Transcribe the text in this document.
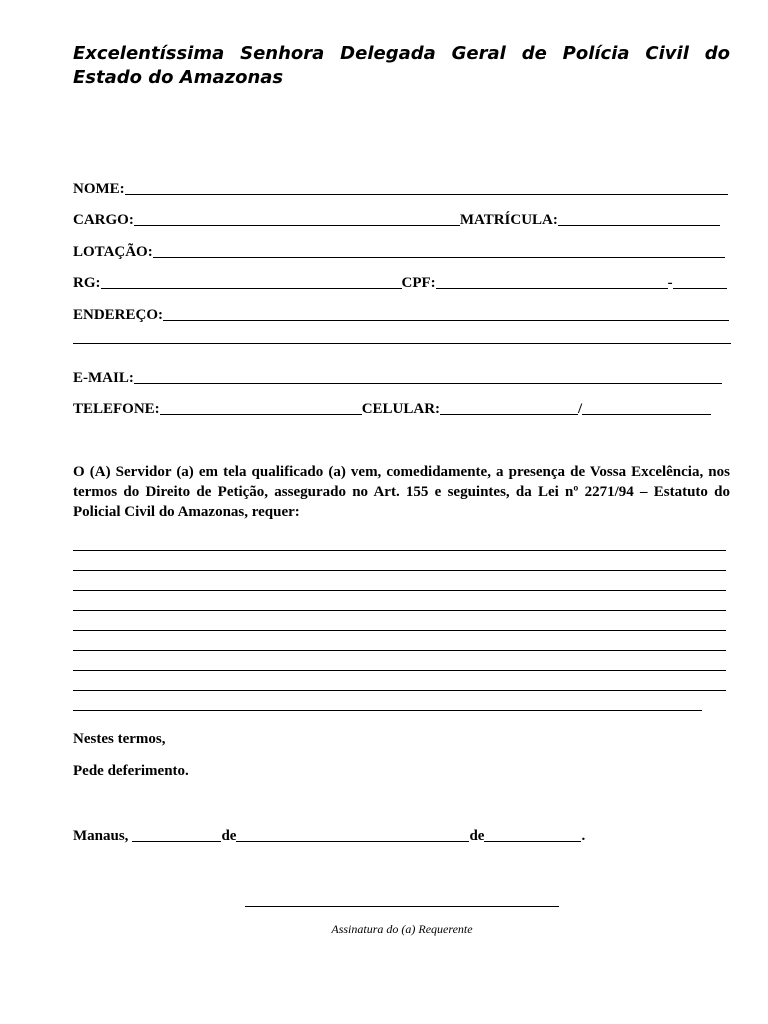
Excelentíssima Senhora Delegada Geral de Polícia Civil do Estado do Amazonas
NOME:
CARGO:	MATRÍCULA:
LOTAÇÃO:
RG:	CPF:	-
ENDEREÇO:
E-MAIL:
TELEFONE:	CELULAR:	/
O (A) Servidor (a) em tela qualificado (a) vem, comedidamente, a presença de Vossa Excelência, nos termos do Direito de Petição, assegurado no Art. 155 e seguintes, da Lei nº 2271/94 – Estatuto do Policial Civil do Amazonas, requer:
Nestes termos,
Pede deferimento.
Manaus,	de	de	.
Assinatura do (a) Requerente
